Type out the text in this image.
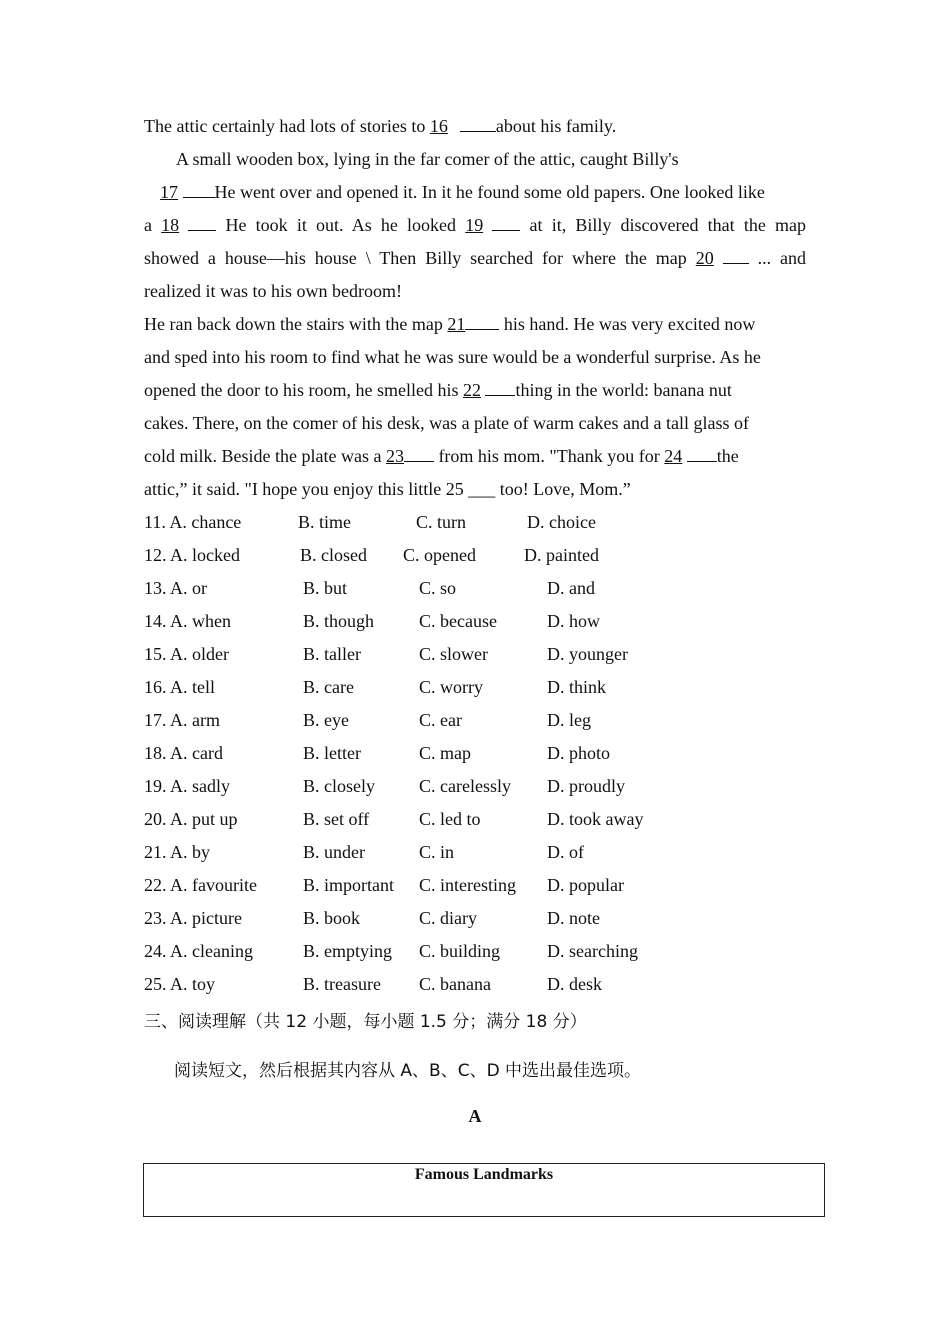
The attic certainly had lots of stories to 16	about his family.
A small wooden box, lying in the far comer of the attic, caught Billy's
17 He went over and opened it. In it he found some old papers. One looked like
a 18  He took it out. As he looked 19  at it, Billy discovered that the map
showed a house—his house \ Then Billy searched for where the map 20  ... and
realized it was to his own bedroom!
He ran back down the stairs with the map 21 his hand. He was very excited now
and sped into his room to find what he was sure would be a wonderful surprise. As he
opened the door to his room, he smelled his 22 thing in the world: banana nut
cakes. There, on the comer of his desk, was a plate of warm cakes and a tall glass of
cold milk. Beside the plate was a 23 from his mom. "Thank you for 24 the
attic,” it said. "I hope you enjoy this little 25 ___ too! Love, Mom.”
11. A. chance	B. time	C. turn	D. choice
12. A. locked	B. closed C. opened	D. painted
13. A. or	B. but	C. so	D. and
14. A. when	B. though C. because	D. how
15. A. older	B. taller	C. slower	D. younger
16. A. tell	B. care	C. worry	D. think
17. A. arm	B. eye	C. ear	D. leg
18. A. card	B. letter	C. map	D. photo
19. A. sadly	B. closely C. carelessly D. proudly
20. A. put up	B. set off	C. led to	D. took away
21. A. by	B. under	C. in	D. of
22. A. favourite	B. important C. interesting D. popular
23. A. picture	B. book	C. diary	D. note
24. A. cleaning	B. emptying C. building	D. searching
25. A. toy	B. treasure C. banana	D. desk
三、阅读理解（共 12 小题，每小题 1.5 分；满分 18 分）
阅读短文，然后根据其内容从 A、B、C、D 中选出最佳选项。
A
Famous Landmarks
